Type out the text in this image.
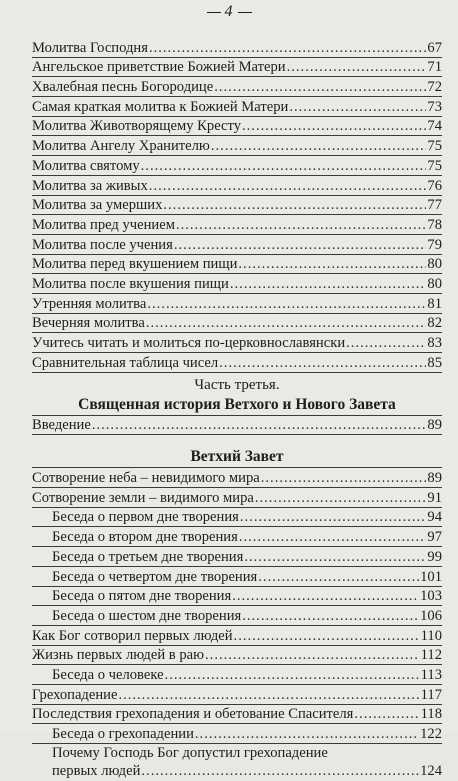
4
Молитва Господня .....	67
Ангельское приветствие Божией Матери .....	71
Хвалебная песнь Богородице .....	72
Самая краткая молитва к Божией Матери .....	73
Молитва Животворящему Кресту .....	74
Молитва Ангелу Хранителю .....	75
Молитва святому .....	75
Молитва за живых .....	76
Молитва за умерших .....	77
Молитва пред учением .....	78
Молитва после учения .....	79
Молитва перед вкушением пищи .....	80
Молитва после вкушения пищи .....	80
Утренняя молитва .....	81
Вечерняя молитва .....	82
Учитесь читать и молиться по-церковнославянски .....	83
Сравнительная таблица чисел .....	85
Часть третья.
Священная история Ветхого и Нового Завета
Введение .....	89
Ветхий Завет
Сотворение неба – невидимого мира .....	89
Сотворение земли – видимого мира .....	91
Беседа о первом дне творения .....	94
Беседа о втором дне творения .....	97
Беседа о третьем дне творения .....	99
Беседа о четвертом дне творения .....	101
Беседа о пятом дне творения .....	103
Беседа о шестом дне творения .....	106
Как Бог сотворил первых людей .....	110
Жизнь первых людей в раю .....	112
Беседа о человеке .....	113
Грехопадение .....	117
Последствия грехопадения и обетование Спасителя .....	118
Беседа о грехопадении .....	122
Почему Господь Бог допустил грехопадение
первых людей .....	124
